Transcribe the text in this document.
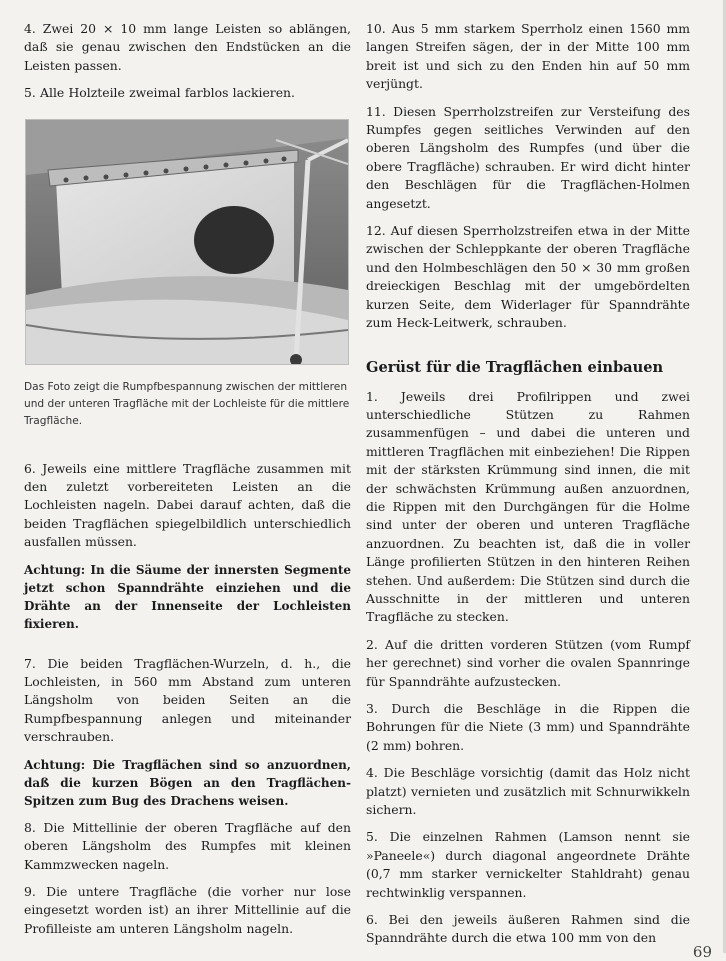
4. Zwei 20 × 10 mm lange Leisten so ablängen, daß sie genau zwischen den Endstücken an die Leisten passen.

5. Alle Holzteile zweimal farblos lackieren.

Das Foto zeigt die Rumpfbespannung zwischen der mittleren und der unteren Tragfläche mit der Lochleiste für die mittlere Tragfläche.

6. Jeweils eine mittlere Tragfläche zusammen mit den zuletzt vorbereiteten Leisten an die Lochleisten nageln. Dabei darauf achten, daß die beiden Tragflächen spiegelbildlich unterschiedlich ausfallen müssen.

Achtung: In die Säume der innersten Segmente jetzt schon Spanndrähte einziehen und die Drähte an der Innenseite der Lochleisten fixieren.

7. Die beiden Tragflächen-Wurzeln, d. h., die Lochleisten, in 560 mm Abstand zum unteren Längsholm von beiden Seiten an die Rumpfbespannung anlegen und miteinander verschrauben.

Achtung: Die Tragflächen sind so anzuordnen, daß die kurzen Bögen an den Tragflächen-Spitzen zum Bug des Drachens weisen.

8. Die Mittellinie der oberen Tragfläche auf den oberen Längsholm des Rumpfes mit kleinen Kammzwecken nageln.

9. Die untere Tragfläche (die vorher nur lose eingesetzt worden ist) an ihrer Mittellinie auf die Profilleiste am unteren Längsholm nageln.

10. Aus 5 mm starkem Sperrholz einen 1560 mm langen Streifen sägen, der in der Mitte 100 mm breit ist und sich zu den Enden hin auf 50 mm verjüngt.

11. Diesen Sperrholzstreifen zur Versteifung des Rumpfes gegen seitliches Verwinden auf den oberen Längsholm des Rumpfes (und über die obere Tragfläche) schrauben. Er wird dicht hinter den Beschlägen für die Tragflächen-Holmen angesetzt.

12. Auf diesen Sperrholzstreifen etwa in der Mitte zwischen der Schleppkante der oberen Tragfläche und den Holmbeschlägen den 50 × 30 mm großen dreieckigen Beschlag mit der umgebördelten kurzen Seite, dem Widerlager für Spanndrähte zum Heck-Leitwerk, schrauben.

Gerüst für die Tragflächen einbauen

1. Jeweils drei Profilrippen und zwei unterschiedliche Stützen zu Rahmen zusammenfügen – und dabei die unteren und mittleren Tragflächen mit einbeziehen! Die Rippen mit der stärksten Krümmung sind innen, die mit der schwächsten Krümmung außen anzuordnen, die Rippen mit den Durchgängen für die Holme sind unter der oberen und unteren Tragfläche anzuordnen. Zu beachten ist, daß die in voller Länge profilierten Stützen in den hinteren Reihen stehen. Und außerdem: Die Stützen sind durch die Ausschnitte in der mittleren und unteren Tragfläche zu stecken.

2. Auf die dritten vorderen Stützen (vom Rumpf her gerechnet) sind vorher die ovalen Spannringe für Spanndrähte aufzustecken.

3. Durch die Beschläge in die Rippen die Bohrungen für die Niete (3 mm) und Spanndrähte (2 mm) bohren.

4. Die Beschläge vorsichtig (damit das Holz nicht platzt) vernieten und zusätzlich mit Schnurwikkeln sichern.

5. Die einzelnen Rahmen (Lamson nennt sie »Paneele«) durch diagonal angeordnete Drähte (0,7 mm starker vernickelter Stahldraht) genau rechtwinklig verspannen.

6. Bei den jeweils äußeren Rahmen sind die Spanndrähte durch die etwa 100 mm von den

69
